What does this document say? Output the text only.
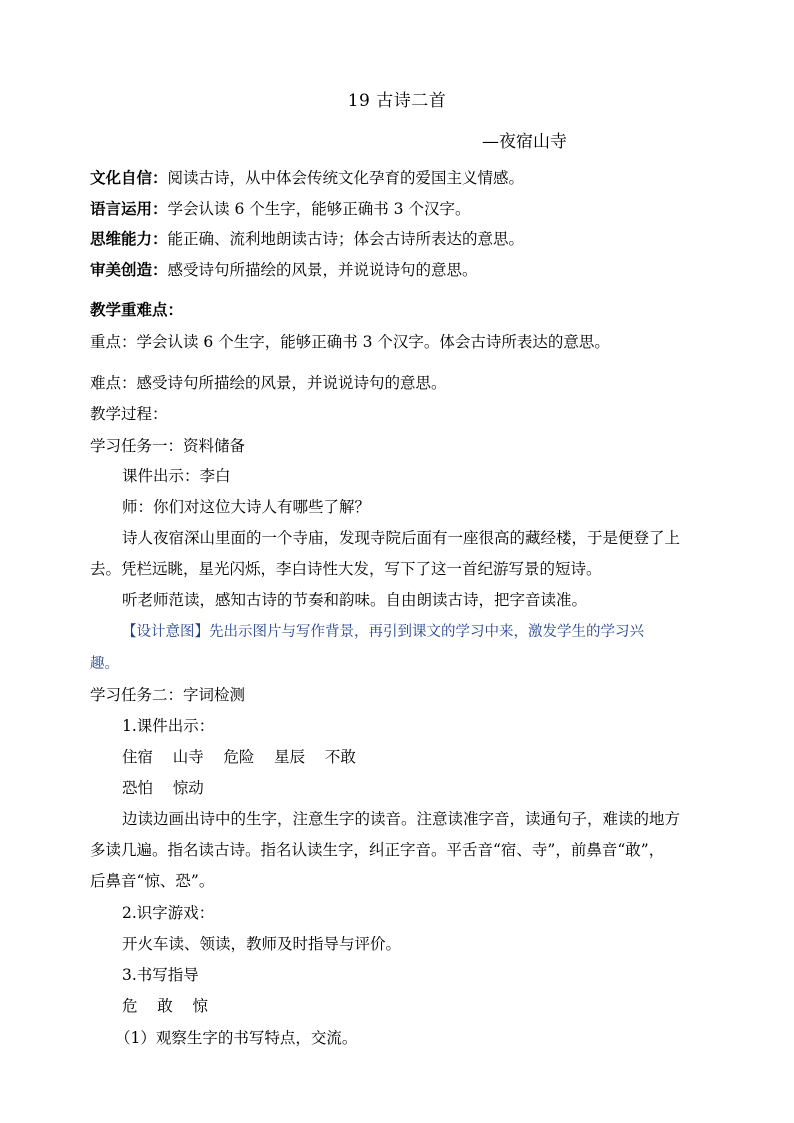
19 古诗二首
—夜宿山寺
文化自信：阅读古诗，从中体会传统文化孕育的爱国主义情感。
语言运用：学会认读 6 个生字，能够正确书 3 个汉字。
思维能力：能正确、流利地朗读古诗；体会古诗所表达的意思。
审美创造：感受诗句所描绘的风景，并说说诗句的意思。
教学重难点：
重点：学会认读 6 个生字，能够正确书 3 个汉字。体会古诗所表达的意思。
难点：感受诗句所描绘的风景，并说说诗句的意思。
教学过程：
学习任务一：资料储备
课件出示：李白
师：你们对这位大诗人有哪些了解？
诗人夜宿深山里面的一个寺庙，发现寺院后面有一座很高的藏经楼，于是便登了上
去。凭栏远眺，星光闪烁，李白诗性大发，写下了这一首纪游写景的短诗。
听老师范读，感知古诗的节奏和韵味。自由朗读古诗，把字音读准。
【设计意图】先出示图片与写作背景，再引到课文的学习中来，激发学生的学习兴
趣。
学习任务二：字词检测
1.课件出示：
住宿    山寺    危险    星辰    不敢
恐怕    惊动
边读边画出诗中的生字，注意生字的读音。注意读准字音，读通句子，难读的地方
多读几遍。指名读古诗。指名认读生字，纠正字音。平舌音“宿、寺”，前鼻音“敢”，
后鼻音“惊、恐”。
2.识字游戏：
开火车读、领读，教师及时指导与评价。
3.书写指导
危    敢    惊
（1）观察生字的书写特点，交流。
